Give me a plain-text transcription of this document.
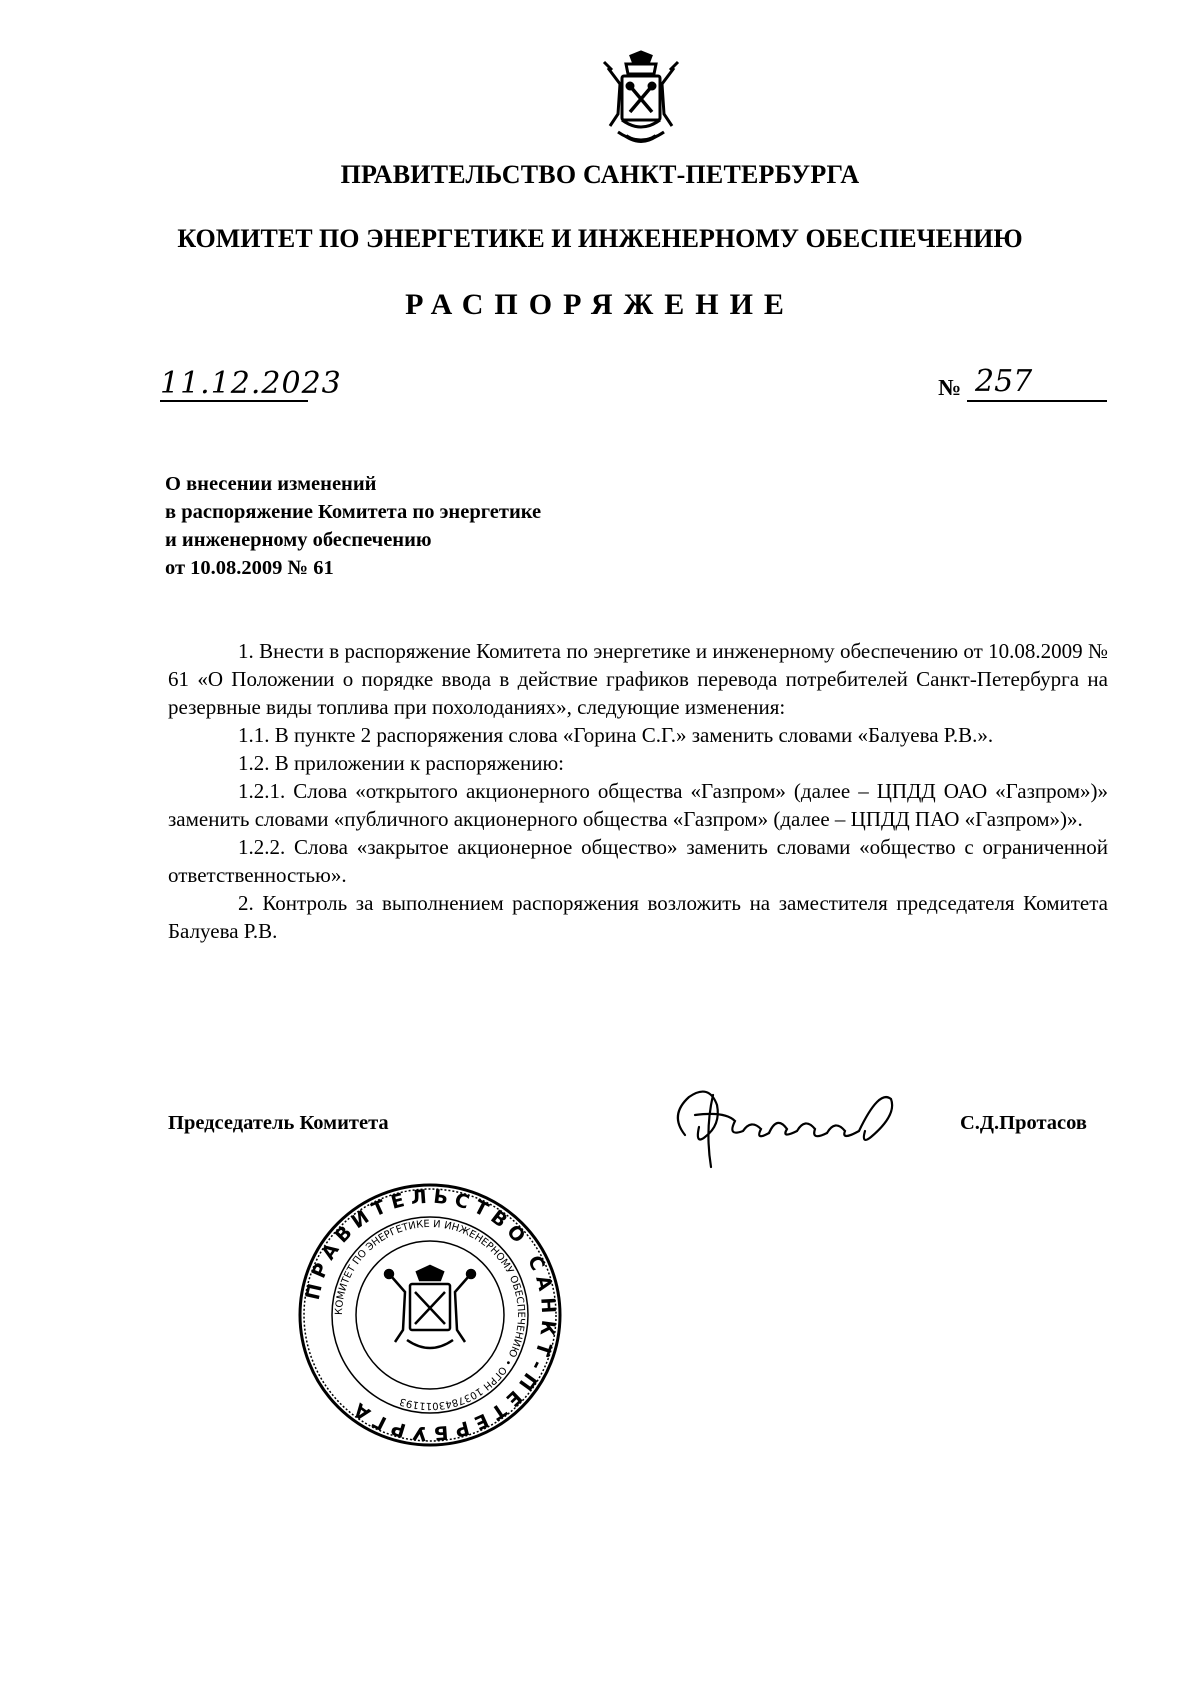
ПРАВИТЕЛЬСТВО САНКТ-ПЕТЕРБУРГА
КОМИТЕТ ПО ЭНЕРГЕТИКЕ И ИНЖЕНЕРНОМУ ОБЕСПЕЧЕНИЮ
РАСПОРЯЖЕНИЕ
11.12.2023	№ 257
О внесении изменений
в распоряжение Комитета по энергетике
и инженерному обеспечению
от 10.08.2009 № 61

1. Внести в распоряжение Комитета по энергетике и инженерному обеспечению от 10.08.2009 № 61 «О Положении о порядке ввода в действие графиков перевода потребителей Санкт-Петербурга на резервные виды топлива при похолоданиях», следующие изменения:

1.1. В пункте 2 распоряжения слова «Горина С.Г.» заменить словами «Балуева Р.В.».

1.2. В приложении к распоряжению:

1.2.1. Слова «открытого акционерного общества «Газпром» (далее – ЦПДД ОАО «Газпром»)» заменить словами «публичного акционерного общества «Газпром» (далее – ЦПДД ПАО «Газпром»)».

1.2.2. Слова «закрытое акционерное общество» заменить словами «общество с ограниченной ответственностью».

2. Контроль за выполнением распоряжения возложить на заместителя председателя Комитета Балуева Р.В.

Председатель Комитета	С.Д.Протасов
ПРАВИТЕЛЬСТВО САНКТ-ПЕТЕРБУРГА
КОМИТЕТ ПО ЭНЕРГЕТИКЕ И ИНЖЕНЕРНОМУ ОБЕСПЕЧЕНИЮ • ОГРН 1037843011193
